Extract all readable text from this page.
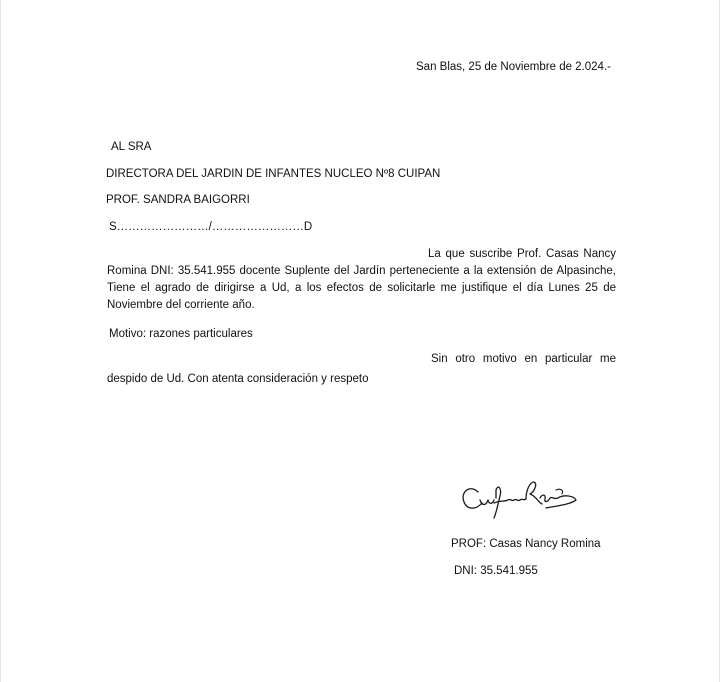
San Blas, 25 de Noviembre de 2.024.-
AL SRA
DIRECTORA DEL JARDIN DE INFANTES NUCLEO Nº8 CUIPAN
PROF. SANDRA BAIGORRI
S……………………/……………………D
La que suscribe Prof. Casas Nancy
Romina DNI: 35.541.955 docente Suplente del Jardín perteneciente a la extensión de Alpasinche,
Tiene el agrado de dirigirse a Ud, a los efectos de solicitarle me justifique el día Lunes 25 de
Noviembre del corriente año.
Motivo: razones particulares
Sin otro motivo en particular me
despido de Ud. Con atenta consideración y respeto
PROF: Casas Nancy Romina
DNI: 35.541.955
